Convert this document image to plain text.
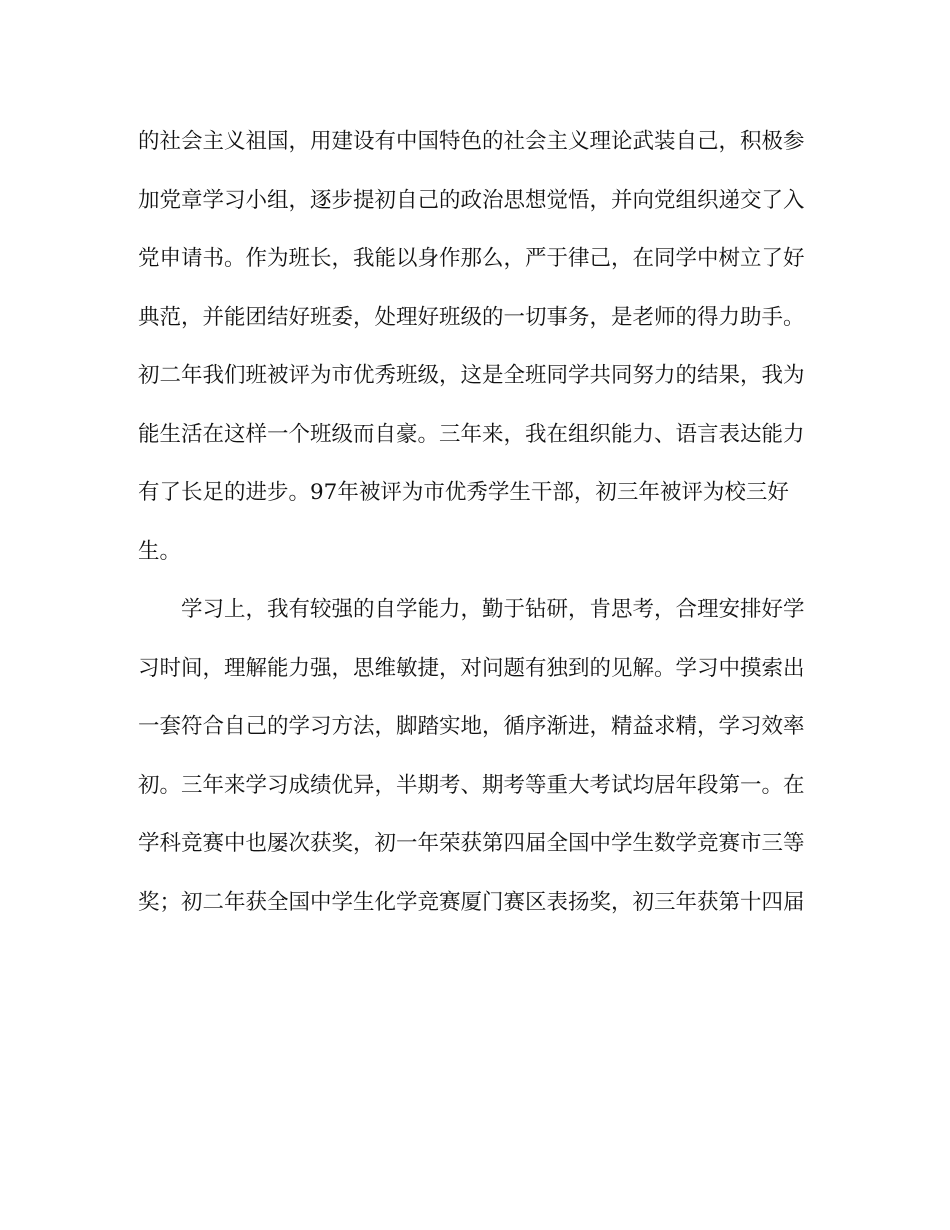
的社会主义祖国，用建设有中国特色的社会主义理论武装自己，积极参
加党章学习小组，逐步提初自己的政治思想觉悟，并向党组织递交了入
党申请书。作为班长，我能以身作那么，严于律己，在同学中树立了好
典范，并能团结好班委，处理好班级的一切事务，是老师的得力助手。
初二年我们班被评为市优秀班级，这是全班同学共同努力的结果，我为
能生活在这样一个班级而自豪。三年来，我在组织能力、语言表达能力
有了长足的进步。97年被评为市优秀学生干部，初三年被评为校三好
生。
学习上，我有较强的自学能力，勤于钻研，肯思考，合理安排好学
习时间，理解能力强，思维敏捷，对问题有独到的见解。学习中摸索出
一套符合自己的学习方法，脚踏实地，循序渐进，精益求精，学习效率
初。三年来学习成绩优异，半期考、期考等重大考试均居年段第一。在
学科竞赛中也屡次获奖，初一年荣获第四届全国中学生数学竞赛市三等
奖；初二年获全国中学生化学竞赛厦门赛区表扬奖，初三年获第十四届
